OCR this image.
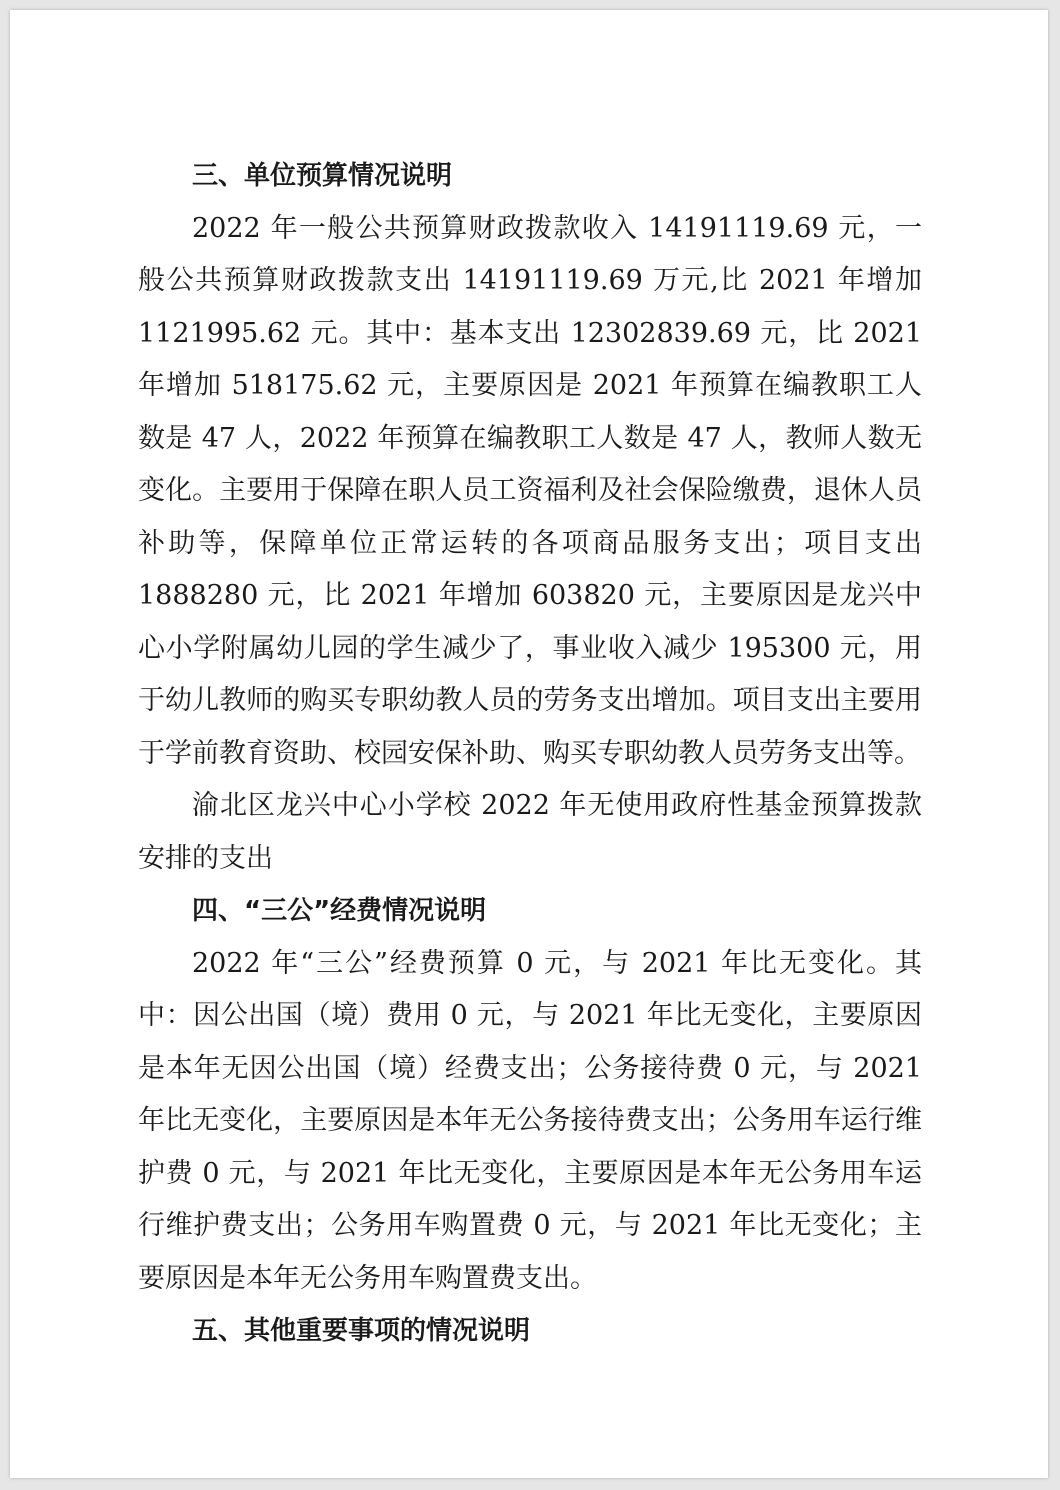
三、单位预算情况说明

2022 年一般公共预算财政拨款收入 14191119.69 元，一般公共预算财政拨款支出 14191119.69 万元,比 2021 年增加 1121995.62 元。其中：基本支出 12302839.69 元，比 2021 年增加 518175.62 元，主要原因是 2021 年预算在编教职工人数是 47 人，2022 年预算在编教职工人数是 47 人，教师人数无变化。主要用于保障在职人员工资福利及社会保险缴费，退休人员补助等，保障单位正常运转的各项商品服务支出；项目支出 1888280 元，比 2021 年增加 603820 元，主要原因是龙兴中心小学附属幼儿园的学生减少了，事业收入减少 195300 元，用于幼儿教师的购买专职幼教人员的劳务支出增加。项目支出主要用于学前教育资助、校园安保补助、购买专职幼教人员劳务支出等。

渝北区龙兴中心小学校 2022 年无使用政府性基金预算拨款安排的支出

四、“三公”经费情况说明

2022 年“三公”经费预算 0 元，与 2021 年比无变化。其中：因公出国（境）费用 0 元，与 2021 年比无变化，主要原因是本年无因公出国（境）经费支出；公务接待费 0 元，与 2021 年比无变化，主要原因是本年无公务接待费支出；公务用车运行维护费 0 元，与 2021 年比无变化，主要原因是本年无公务用车运行维护费支出；公务用车购置费 0 元，与 2021 年比无变化；主要原因是本年无公务用车购置费支出。

五、其他重要事项的情况说明
